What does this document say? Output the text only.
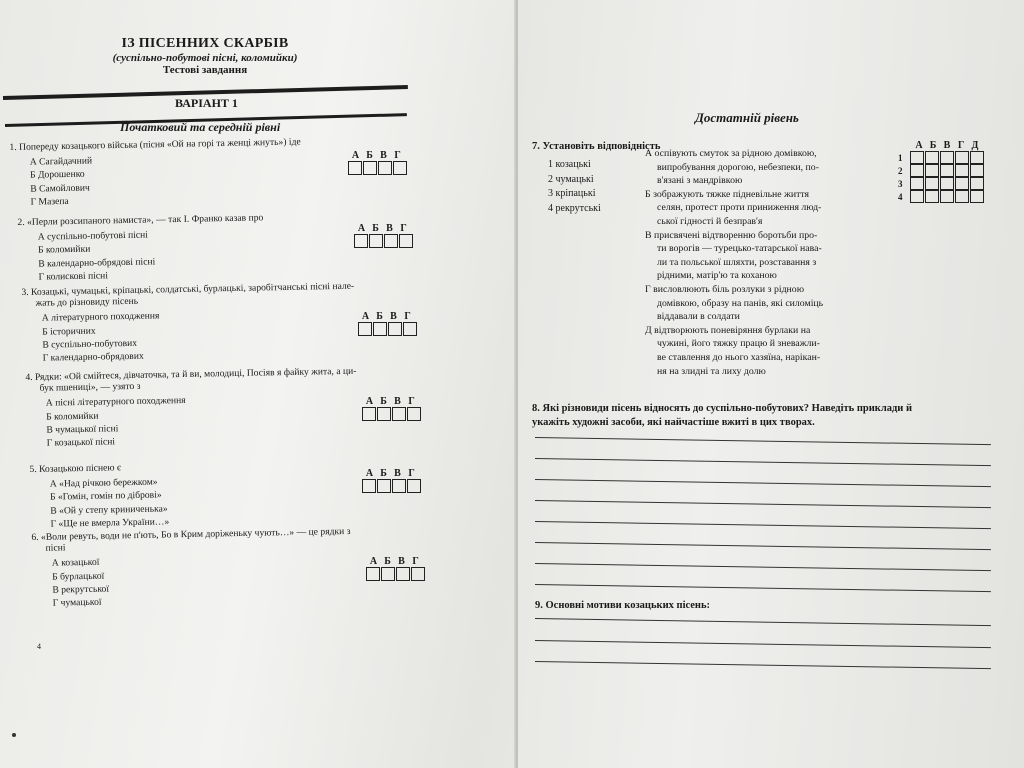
ІЗ ПІСЕННИХ СКАРБІВ
(суспільно-побутові пісні, коломийки)
Тестові завдання
ВАРІАНТ 1
Початковий та середній рівні
1. Попереду козацького війська (пісня «Ой на горі та женці жнуть») іде
А Сагайдачний
Б Дорошенко
В Самойлович
Г Мазепа
А Б В Г
2. «Перли розсипаного намиста», — так І. Франко казав про
А суспільно-побутові пісні
Б коломийки
В календарно-обрядові пісні
Г колискові пісні
А Б В Г
3. Козацькі, чумацькі, кріпацькі, солдатські, бурлацькі, заробітчанські пісні нале-
жать до різновиду пісень
А літературного походження
Б історичних
В суспільно-побутових
Г календарно-обрядових
А Б В Г
4. Рядки: «Ой смійтеся, дівчаточка, та й ви, молодиці, Посіяв я файку жита, а ци-
бук пшениці», — узято з
А пісні літературного походження
Б коломийки
В чумацької пісні
Г козацької пісні
А Б В Г
5. Козацькою піснею є
А «Над річкою бережком»
Б «Гомін, гомін по діброві»
В «Ой у степу криниченька»
Г «Ще не вмерла України…»
А Б В Г
6. «Воли ревуть, води не п'ють, Бо в Крим доріженьку чують…» — це рядки з
пісні
А козацької
Б бурлацької
В рекрутської
Г чумацької
А Б В Г
4
Достатній рівень
7. Установіть відповідність
1 козацькі
2 чумацькі
3 кріпацькі
4 рекрутські

А оспівують смуток за рідною домівкою,
випробування дорогою, небезпеки, по-
в'язані з мандрівкою

Б зображують тяжке підневільне життя
селян, протест проти приниження люд-
ської гідності й безправ'я

В присвячені відтворенню боротьби про-
ти ворогів — турецько-татарської нава-
ли та польської шляхти, розставання з
рідними, матір'ю та коханою

Г висловлюють біль розлуки з рідною
домівкою, образу на панів, які силоміць
віддавали в солдати

Д відтворюють поневіряння бурлаки на
чужині, його тяжку працю й зневажли-
ве ставлення до нього хазяїна, нарікан-
ня на злидні та лиху долю

А Б В Г Д
1
2
3
4
8. Які різновиди пісень відносять до суспільно-побутових? Наведіть приклади й
укажіть художні засоби, які найчастіше вжиті в цих творах.
9. Основні мотиви козацьких пісень:
